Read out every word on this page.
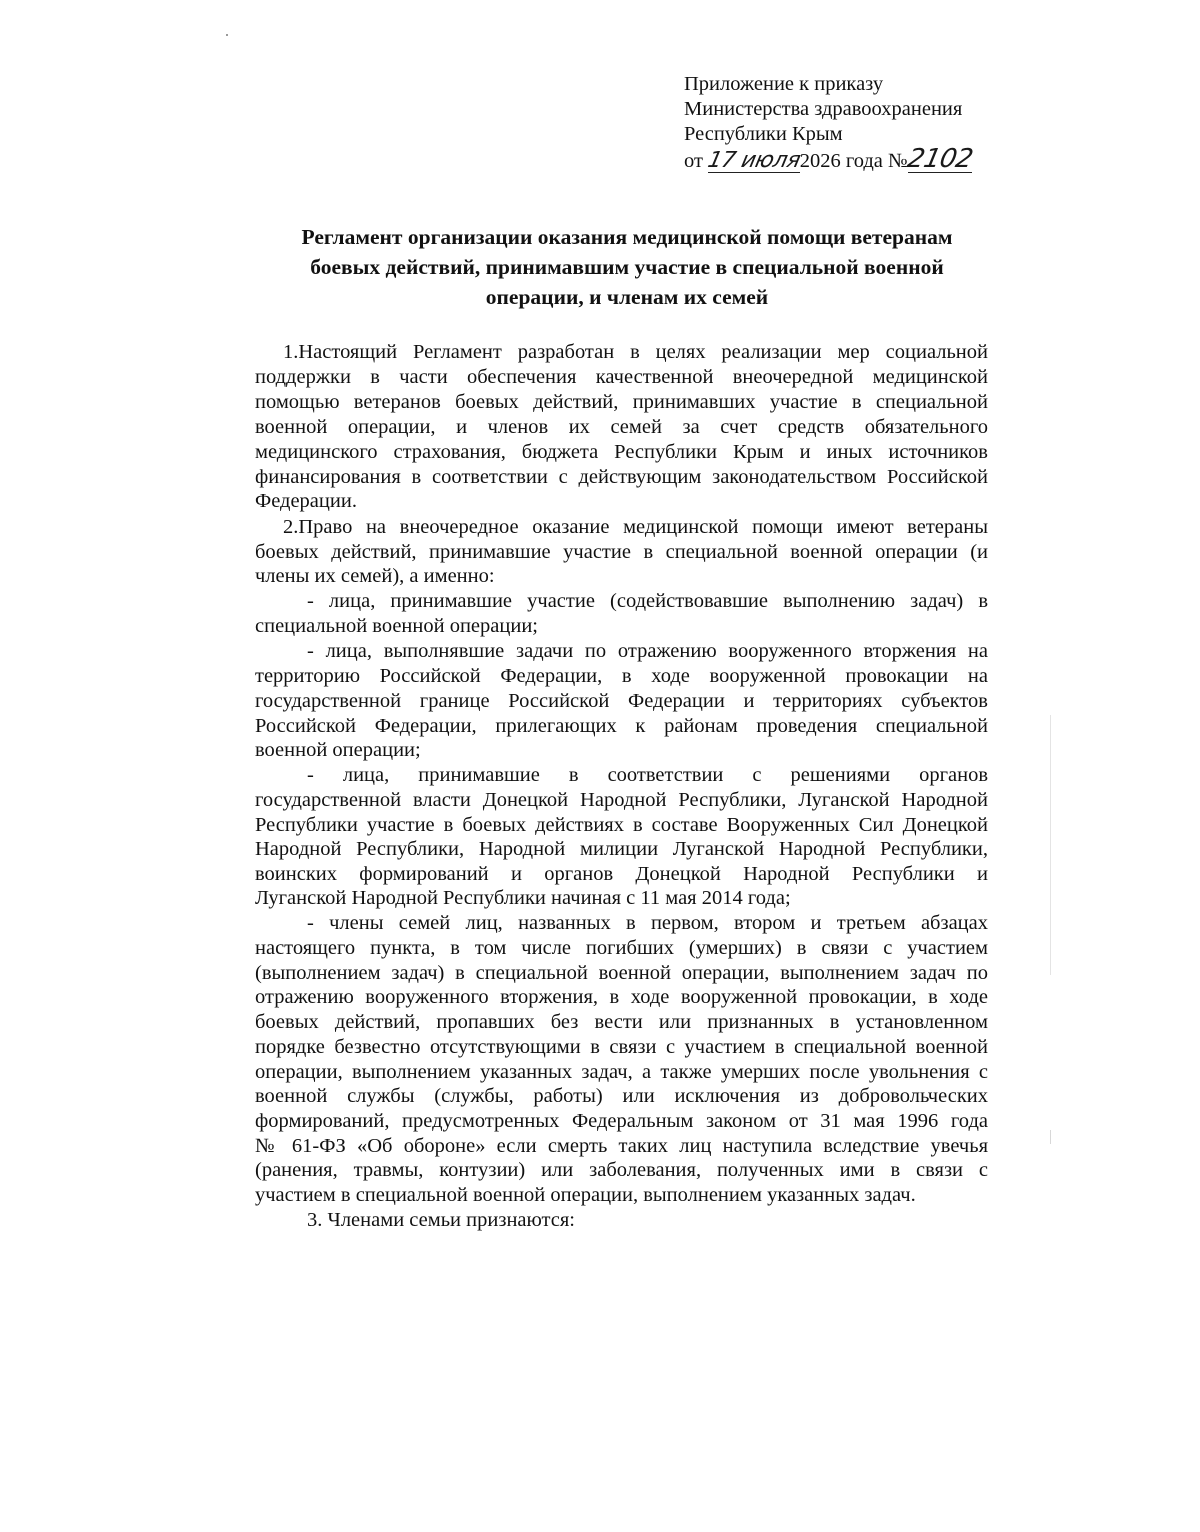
Приложение к приказу

Министерства здравоохранения

Республики Крым

от 17 июля2026 года №2102

Регламент организации оказания медицинской помощи ветеранам

боевых действий, принимавшим участие в специальной военной

операции, и членам их семей

1.Настоящий Регламент разработан в целях реализации мер социальной

поддержки в части обеспечения качественной внеочередной медицинской

помощью ветеранов боевых действий, принимавших участие в специальной

военной операции, и членов их семей за счет средств обязательного

медицинского страхования, бюджета Республики Крым и иных источников

финансирования в соответствии с действующим законодательством Российской

Федерации.

2.Право на внеочередное оказание медицинской помощи имеют ветераны

боевых действий, принимавшие участие в специальной военной операции (и

члены их семей), а именно:

- лица, принимавшие участие (содействовавшие выполнению задач) в

специальной военной операции;

- лица, выполнявшие задачи по отражению вооруженного вторжения на

территорию Российской Федерации, в ходе вооруженной провокации на

государственной границе Российской Федерации и территориях субъектов

Российской Федерации, прилегающих к районам проведения специальной

военной операции;

- лица, принимавшие в соответствии с решениями органов

государственной власти Донецкой Народной Республики, Луганской Народной

Республики участие в боевых действиях в составе Вооруженных Сил Донецкой

Народной Республики, Народной милиции Луганской Народной Республики,

воинских формирований и органов Донецкой Народной Республики и

Луганской Народной Республики начиная с 11 мая 2014 года;

- члены семей лиц, названных в первом, втором и третьем абзацах

настоящего пункта, в том числе погибших (умерших) в связи с участием

(выполнением задач) в специальной военной операции, выполнением задач по

отражению вооруженного вторжения, в ходе вооруженной провокации, в ходе

боевых действий, пропавших без вести или признанных в установленном

порядке безвестно отсутствующими в связи с участием в специальной военной

операции, выполнением указанных задач, а также умерших после увольнения с

военной службы (службы, работы) или исключения из добровольческих

формирований, предусмотренных Федеральным законом от 31 мая 1996 года

№ 61-ФЗ «Об обороне» если смерть таких лиц наступила вследствие увечья

(ранения, травмы, контузии) или заболевания, полученных ими в связи с

участием в специальной военной операции, выполнением указанных задач.

3. Членами семьи признаются:
